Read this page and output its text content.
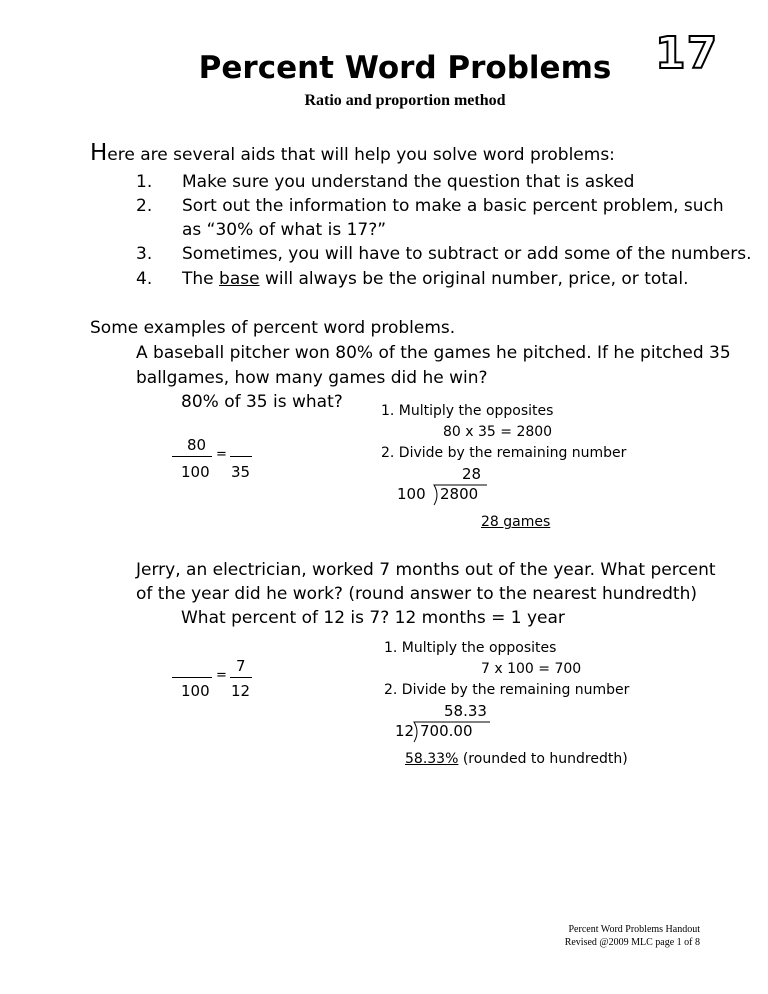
Percent Word Problems
Ratio and proportion method
17
Here are several aids that will help you solve word problems:
1. Make sure you understand the question that is asked
2. Sort out the information to make a basic percent problem, such
as “30% of what is 17?”
3. Sometimes, you will have to subtract or add some of the numbers.
4. The base will always be the original number, price, or total.
Some examples of percent word problems.
A baseball pitcher won 80% of the games he pitched. If he pitched 35
ballgames, how many games did he win?
80% of 35 is what?
80
=
100 35
1. Multiply the opposites
80 x 35 = 2800
2. Divide by the remaining number
28
100 2800
28 games
Jerry, an electrician, worked 7 months out of the year. What percent
of the year did he work? (round answer to the nearest hundredth)
What percent of 12 is 7? 12 months = 1 year
=
7
100 12
1. Multiply the opposites
7 x 100 = 700
2. Divide by the remaining number
58.33
12 700.00
58.33% (rounded to hundredth)
Percent Word Problems Handout
Revised @2009 MLC page 1 of 8
